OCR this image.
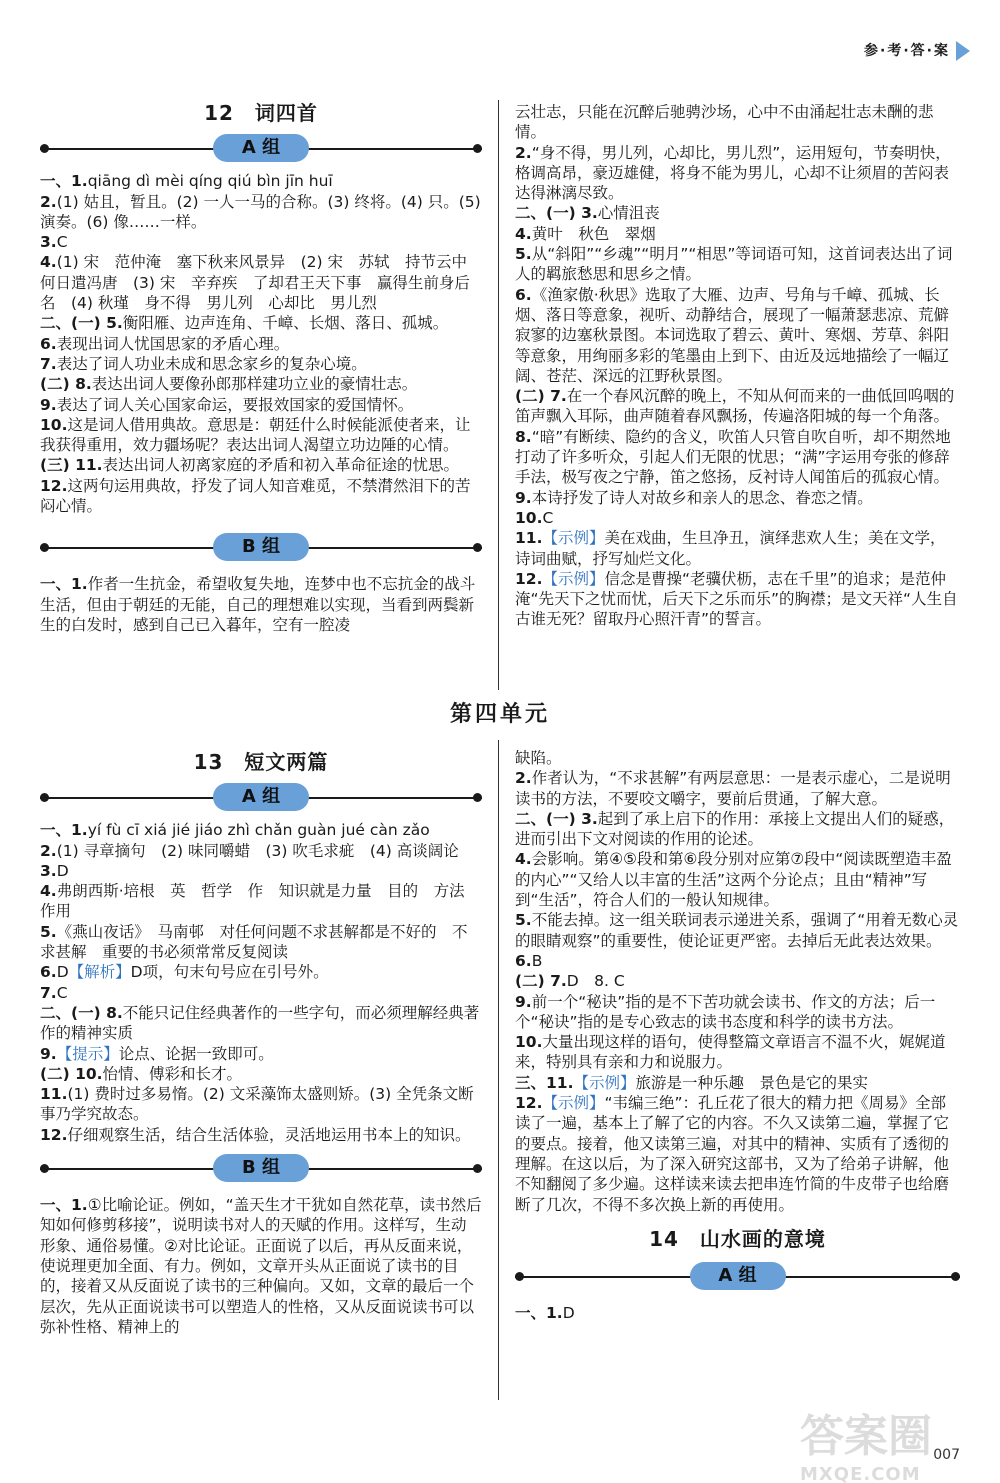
参·考·答·案
12　词四首
A 组

一、1.qiāng dì mèi qíng qiú bìn jīn huī

2.(1) 姑且，暂且。(2) 一人一马的合称。(3) 终将。(4) 只。(5) 演奏。(6) 像……一样。

3.C

4.(1) 宋　范仲淹　塞下秋来风景异　(2) 宋　苏轼　持节云中　何日遣冯唐　(3) 宋　辛弃疾　了却君王天下事　赢得生前身后名　(4) 秋瑾　身不得　男儿列　心却比　男儿烈

二、(一) 5.衡阳雁、边声连角、千嶂、长烟、落日、孤城。

6.表现出词人忧国思家的矛盾心理。

7.表达了词人功业未成和思念家乡的复杂心境。

(二) 8.表达出词人要像孙郎那样建功立业的豪情壮志。

9.表达了词人关心国家命运，要报效国家的爱国情怀。

10.这是词人借用典故。意思是：朝廷什么时候能派使者来，让我获得重用，效力疆场呢？表达出词人渴望立功边陲的心情。

(三) 11.表达出词人初离家庭的矛盾和初入革命征途的忧思。

12.这两句运用典故，抒发了词人知音难觅，不禁潸然泪下的苦闷心情。

B 组

一、1.作者一生抗金，希望收复失地，连梦中也不忘抗金的战斗生活，但由于朝廷的无能，自己的理想难以实现，当看到两鬓新生的白发时，感到自己已入暮年，空有一腔凌

云壮志，只能在沉醉后驰骋沙场，心中不由涌起壮志未酬的悲情。

2.“身不得，男儿列，心却比，男儿烈”，运用短句，节奏明快，格调高昂，豪迈雄健，将身不能为男儿，心却不让须眉的苦闷表达得淋漓尽致。

二、(一) 3.心情沮丧

4.黄叶　秋色　翠烟

5.从“斜阳”“乡魂”“明月”“相思”等词语可知，这首词表达出了词人的羁旅愁思和思乡之情。

6.《渔家傲·秋思》选取了大雁、边声、号角与千嶂、孤城、长烟、落日等意象，视听、动静结合，展现了一幅萧瑟悲凉、荒僻寂寥的边塞秋景图。本词选取了碧云、黄叶、寒烟、芳草、斜阳等意象，用绚丽多彩的笔墨由上到下、由近及远地描绘了一幅辽阔、苍茫、深远的江野秋景图。

(二) 7.在一个春风沉醉的晚上，不知从何而来的一曲低回呜咽的笛声飘入耳际，曲声随着春风飘扬，传遍洛阳城的每一个角落。

8.“暗”有断续、隐约的含义，吹笛人只管自吹自听，却不期然地打动了许多听众，引起人们无限的忧思；“满”字运用夸张的修辞手法，极写夜之宁静，笛之悠扬，反衬诗人闻笛后的孤寂心情。

9.本诗抒发了诗人对故乡和亲人的思念、眷恋之情。

10.C

11.【示例】美在戏曲，生旦净丑，演绎悲欢人生；美在文学，诗词曲赋，抒写灿烂文化。

12.【示例】信念是曹操“老骥伏枥，志在千里”的追求；是范仲淹“先天下之忧而忧，后天下之乐而乐”的胸襟；是文天祥“人生自古谁无死？留取丹心照汗青”的誓言。

第四单元
13　短文两篇
A 组

一、1.yí fù cī xiá jié jiáo zhì chǎn guàn jué càn zǎo

2.(1) 寻章摘句　(2) 味同嚼蜡　(3) 吹毛求疵　(4) 高谈阔论

3.D

4.弗朗西斯·培根　英　哲学　作　知识就是力量　目的　方法　作用

5.《燕山夜话》　马南邨　对任何问题不求甚解都是不好的　不求甚解　重要的书必须常常反复阅读

6.D【解析】D项，句末句号应在引号外。

7.C

二、(一) 8.不能只记住经典著作的一些字句，而必须理解经典著作的精神实质

9.【提示】论点、论据一致即可。

(二) 10.怡情、傅彩和长才。

11.(1) 费时过多易惰。(2) 文采藻饰太盛则矫。(3) 全凭条文断事乃学究故态。

12.仔细观察生活，结合生活体验，灵活地运用书本上的知识。

B 组

一、1.①比喻论证。例如，“盖天生才干犹如自然花草，读书然后知如何修剪移接”，说明读书对人的天赋的作用。这样写，生动形象、通俗易懂。②对比论证。正面说了以后，再从反面来说，使说理更加全面、有力。例如，文章开头从正面说了读书的目的，接着又从反面说了读书的三种偏向。又如，文章的最后一个层次，先从正面说读书可以塑造人的性格，又从反面说读书可以弥补性格、精神上的

缺陷。

2.作者认为，“不求甚解”有两层意思：一是表示虚心，二是说明读书的方法，不要咬文嚼字，要前后贯通，了解大意。

二、(一) 3.起到了承上启下的作用：承接上文提出人们的疑惑，进而引出下文对阅读的作用的论述。

4.会影响。第④⑤段和第⑥段分别对应第⑦段中“阅读既塑造丰盈的内心”“又给人以丰富的生活”这两个分论点；且由“精神”写到“生活”，符合人们的一般认知规律。

5.不能去掉。这一组关联词表示递进关系，强调了“用着无数心灵的眼睛观察”的重要性，使论证更严密。去掉后无此表达效果。

6.B

(二) 7.D　8. C

9.前一个“秘诀”指的是不下苦功就会读书、作文的方法；后一个“秘诀”指的是专心致志的读书态度和科学的读书方法。

10.大量出现这样的语句，使得整篇文章语言不温不火，娓娓道来，特别具有亲和力和说服力。

三、11.【示例】旅游是一种乐趣　景色是它的果实

12.【示例】“韦编三绝”：孔丘花了很大的精力把《周易》全部读了一遍，基本上了解了它的内容。不久又读第二遍，掌握了它的要点。接着，他又读第三遍，对其中的精神、实质有了透彻的理解。在这以后，为了深入研究这部书，又为了给弟子讲解，他不知翻阅了多少遍。这样读来读去把串连竹简的牛皮带子也给磨断了几次，不得不多次换上新的再使用。

14　山水画的意境
A 组

一、1.D

答案圈
MXQE.COM
007
